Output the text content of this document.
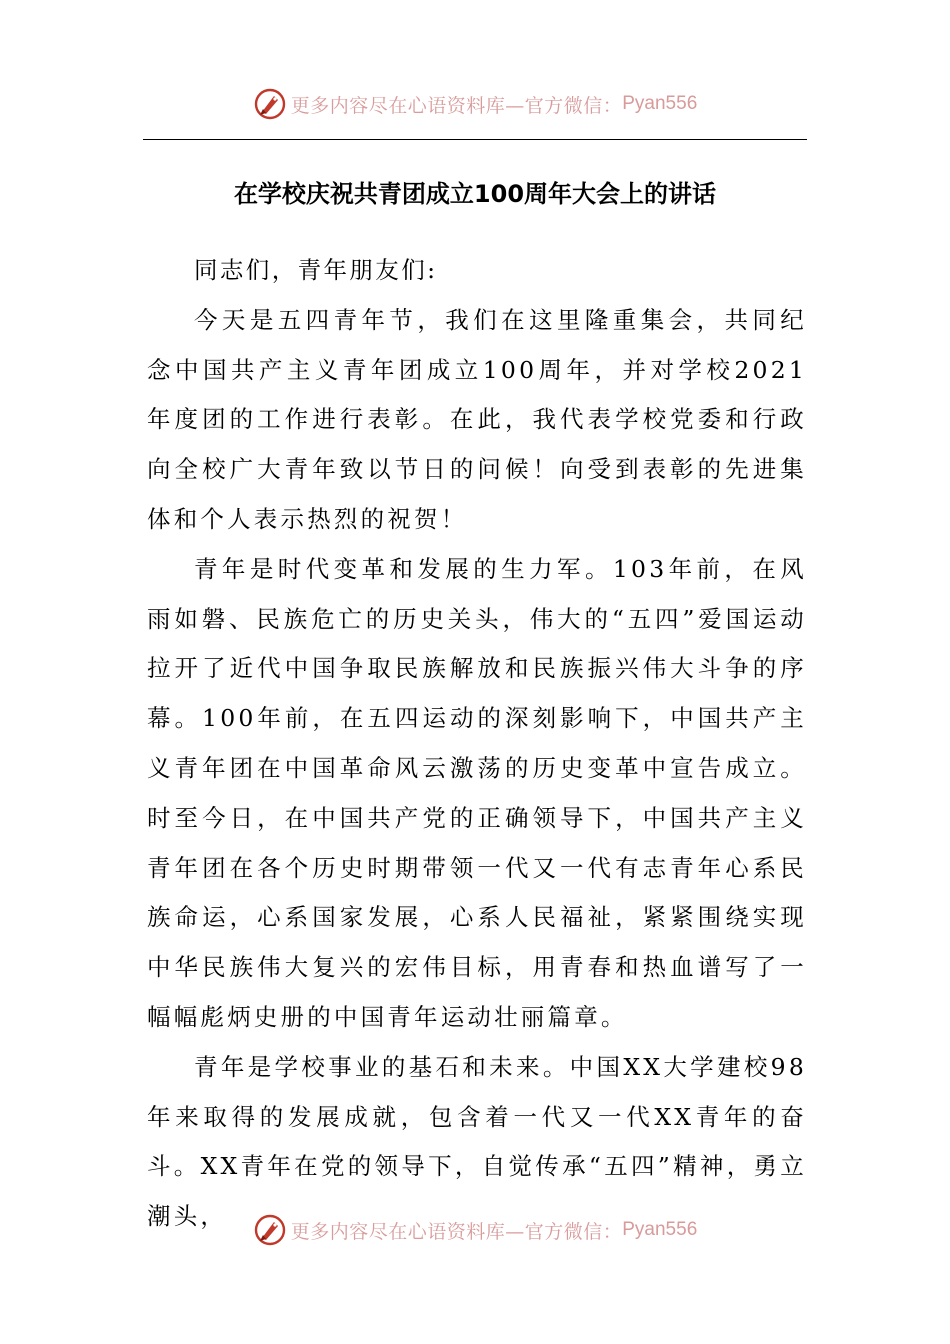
更多内容尽在心语资料库—官方微信： Pyan556
在学校庆祝共青团成立100周年大会上的讲话

同志们，青年朋友们:

今天是五四青年节，我们在这里隆重集会，共同纪念中国共产主义青年团成立100周年，并对学校2021年度团的工作进行表彰。在此，我代表学校党委和行政向全校广大青年致以节日的问候！向受到表彰的先进集体和个人表示热烈的祝贺！

青年是时代变革和发展的生力军。103年前，在风雨如磐、民族危亡的历史关头，伟大的“五四”爱国运动拉开了近代中国争取民族解放和民族振兴伟大斗争的序幕。100年前，在五四运动的深刻影响下，中国共产主义青年团在中国革命风云激荡的历史变革中宣告成立。时至今日，在中国共产党的正确领导下，中国共产主义青年团在各个历史时期带领一代又一代有志青年心系民族命运，心系国家发展，心系人民福祉，紧紧围绕实现中华民族伟大复兴的宏伟目标，用青春和热血谱写了一幅幅彪炳史册的中国青年运动壮丽篇章。

青年是学校事业的基石和未来。中国XX大学建校98年来取得的发展成就，包含着一代又一代XX青年的奋斗。XX青年在党的领导下，自觉传承“五四”精神，勇立潮头，

更多内容尽在心语资料库—官方微信： Pyan556
